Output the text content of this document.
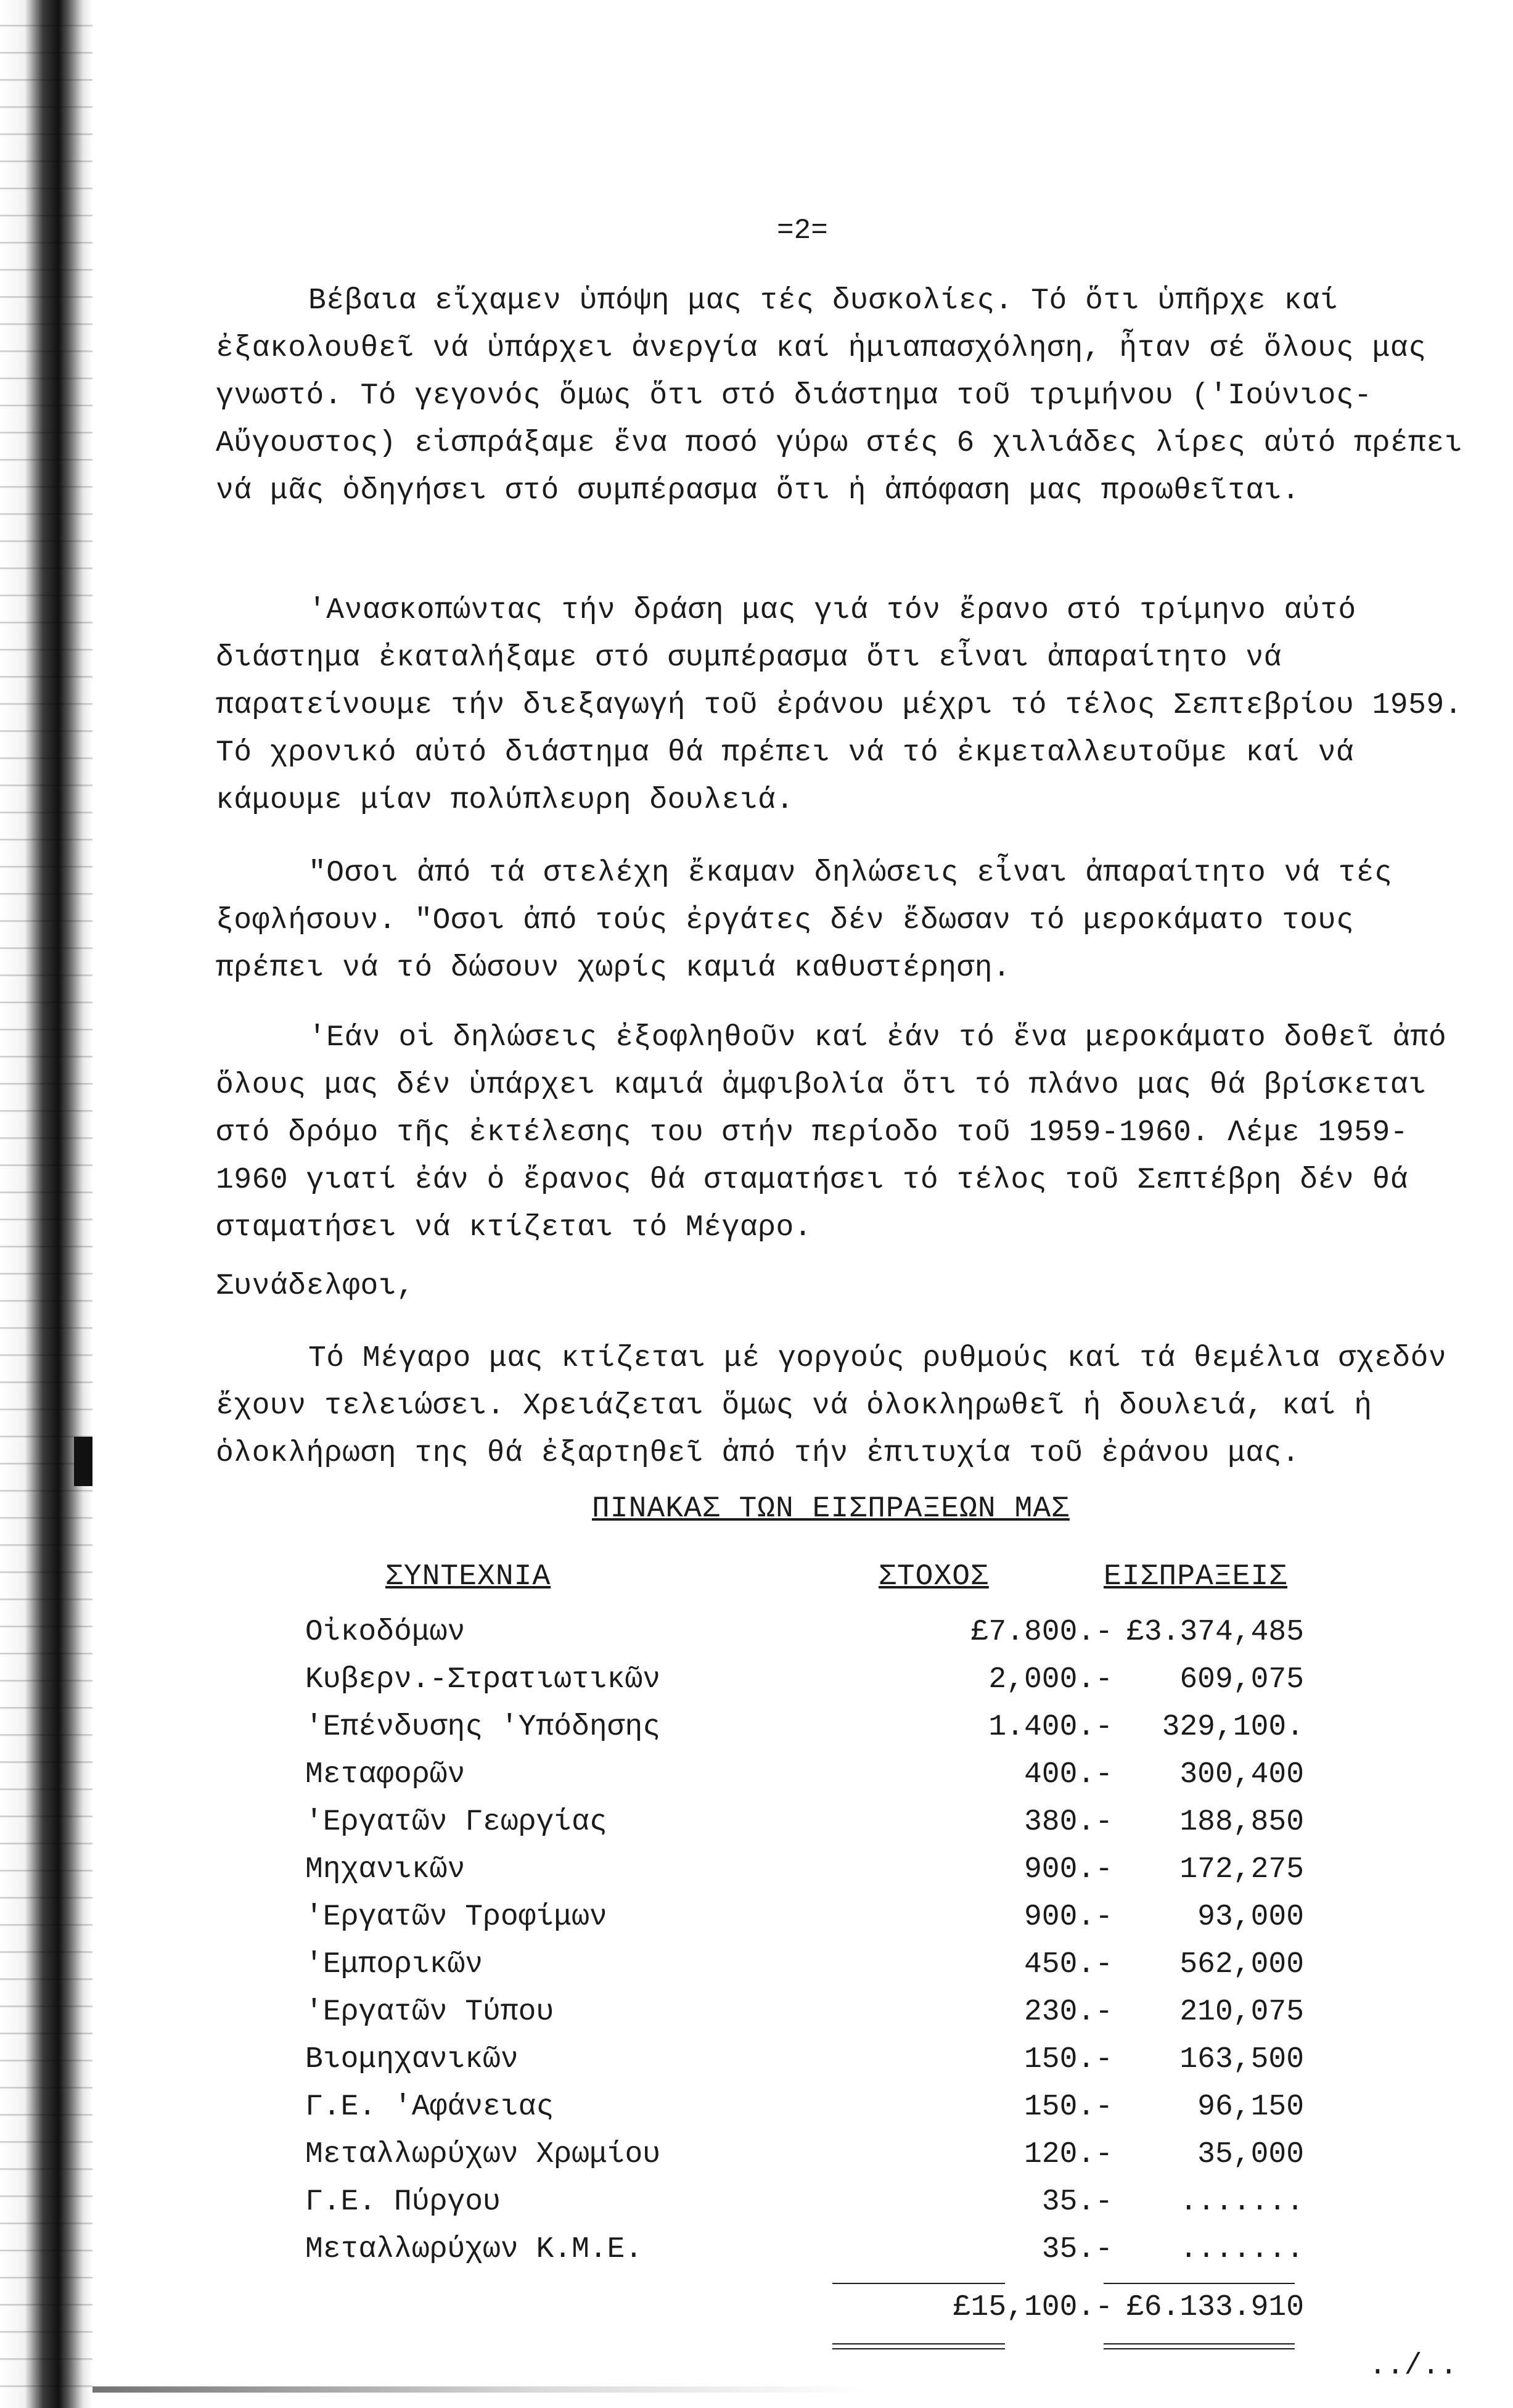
=2=

Βέβαια εἴχαμεν ὑπόψη μας τές δυσκολίες. Τό ὅτι ὑπῆρχε καί ἐξακολουθεῖ νά ὑπάρχει ἀνεργία καί ἡμιαπασχόληση, ἦταν σέ ὅλους μας γνωστό. Τό γεγονός ὅμως ὅτι στό διάστημα τοῦ τριμήνου ('Ιούνιος-Αὔγουστος) εἰσπράξαμε ἕνα ποσό γύρω στές 6 χιλιάδες λίρες αὐτό πρέπει νά μᾶς ὁδηγήσει στό συμπέρασμα ὅτι ἡ ἀπόφαση μας προωθεῖται.

'Ανασκοπώντας τήν δράση μας γιά τόν ἔρανο στό τρίμηνο αὐτό διάστημα ἐκαταλήξαμε στό συμπέρασμα ὅτι εἶναι ἀπαραίτητο νά παρατείνουμε τήν διεξαγωγή τοῦ ἐράνου μέχρι τό τέλος Σεπτεβρίου 1959. Τό χρονικό αὐτό διάστημα θά πρέπει νά τό ἐκμεταλλευτοῦμε καί νά κάμουμε μίαν πολύπλευρη δουλειά.

"Οσοι ἀπό τά στελέχη ἔκαμαν δηλώσεις εἶναι ἀπαραίτητο νά τές ξοφλήσουν. "Οσοι ἀπό τούς ἐργάτες δέν ἔδωσαν τό μεροκάματο τους πρέπει νά τό δώσουν χωρίς καμιά καθυστέρηση.

'Εάν οἱ δηλώσεις ἐξοφληθοῦν καί ἐάν τό ἕνα μεροκάματο δοθεῖ ἀπό ὅλους μας δέν ὑπάρχει καμιά ἀμφιβολία ὅτι τό πλάνο μας θά βρίσκεται στό δρόμο τῆς ἐκτέλεσης του στήν περίοδο τοῦ 1959-1960. Λέμε 1959-1960 γιατί ἐάν ὁ ἔρανος θά σταματήσει τό τέλος τοῦ Σεπτέβρη δέν θά σταματήσει νά κτίζεται τό Μέγαρο.

Συνάδελφοι,

Τό Μέγαρο μας κτίζεται μέ γοργούς ρυθμούς καί τά θεμέλια σχεδόν ἔχουν τελειώσει. Χρειάζεται ὅμως νά ὁλοκληρωθεῖ ἡ δουλειά, καί ἡ ὁλοκλήρωση της θά ἐξαρτηθεῖ ἀπό τήν ἐπιτυχία τοῦ ἐράνου μας.

ΠΙΝΑΚΑΣ ΤΩΝ ΕΙΣΠΡΑΞΕΩΝ ΜΑΣ
ΣΥΝΤΕΧΝΙΑ	ΣΤΟΧΟΣ	ΕΙΣΠΡΑΞΕΙΣ
Οἰκοδόμων	£7.800.- £3.374,485
Κυβερν.-Στρατιωτικῶν	2,000.- 609,075
'Επένδυσης 'Υπόδησης	1.400.- 329,100.
Μεταφορῶν	400.- 300,400
'Εργατῶν Γεωργίας	380.- 188,850
Μηχανικῶν	900.- 172,275
'Εργατῶν Τροφίμων	900.-	93,000
'Εμπορικῶν	450.- 562,000
'Εργατῶν Τύπου	230.- 210,075
Βιομηχανικῶν	150.- 163,500
Γ.Ε. 'Αφάνειας	150.-	96,150
Μεταλλωρύχων Χρωμίου	120.-	35,000
Γ.Ε. Πύργου	35.- .......
Μεταλλωρύχων Κ.Μ.Ε.	35.- .......
£15,100.- £6.133.910
../..
